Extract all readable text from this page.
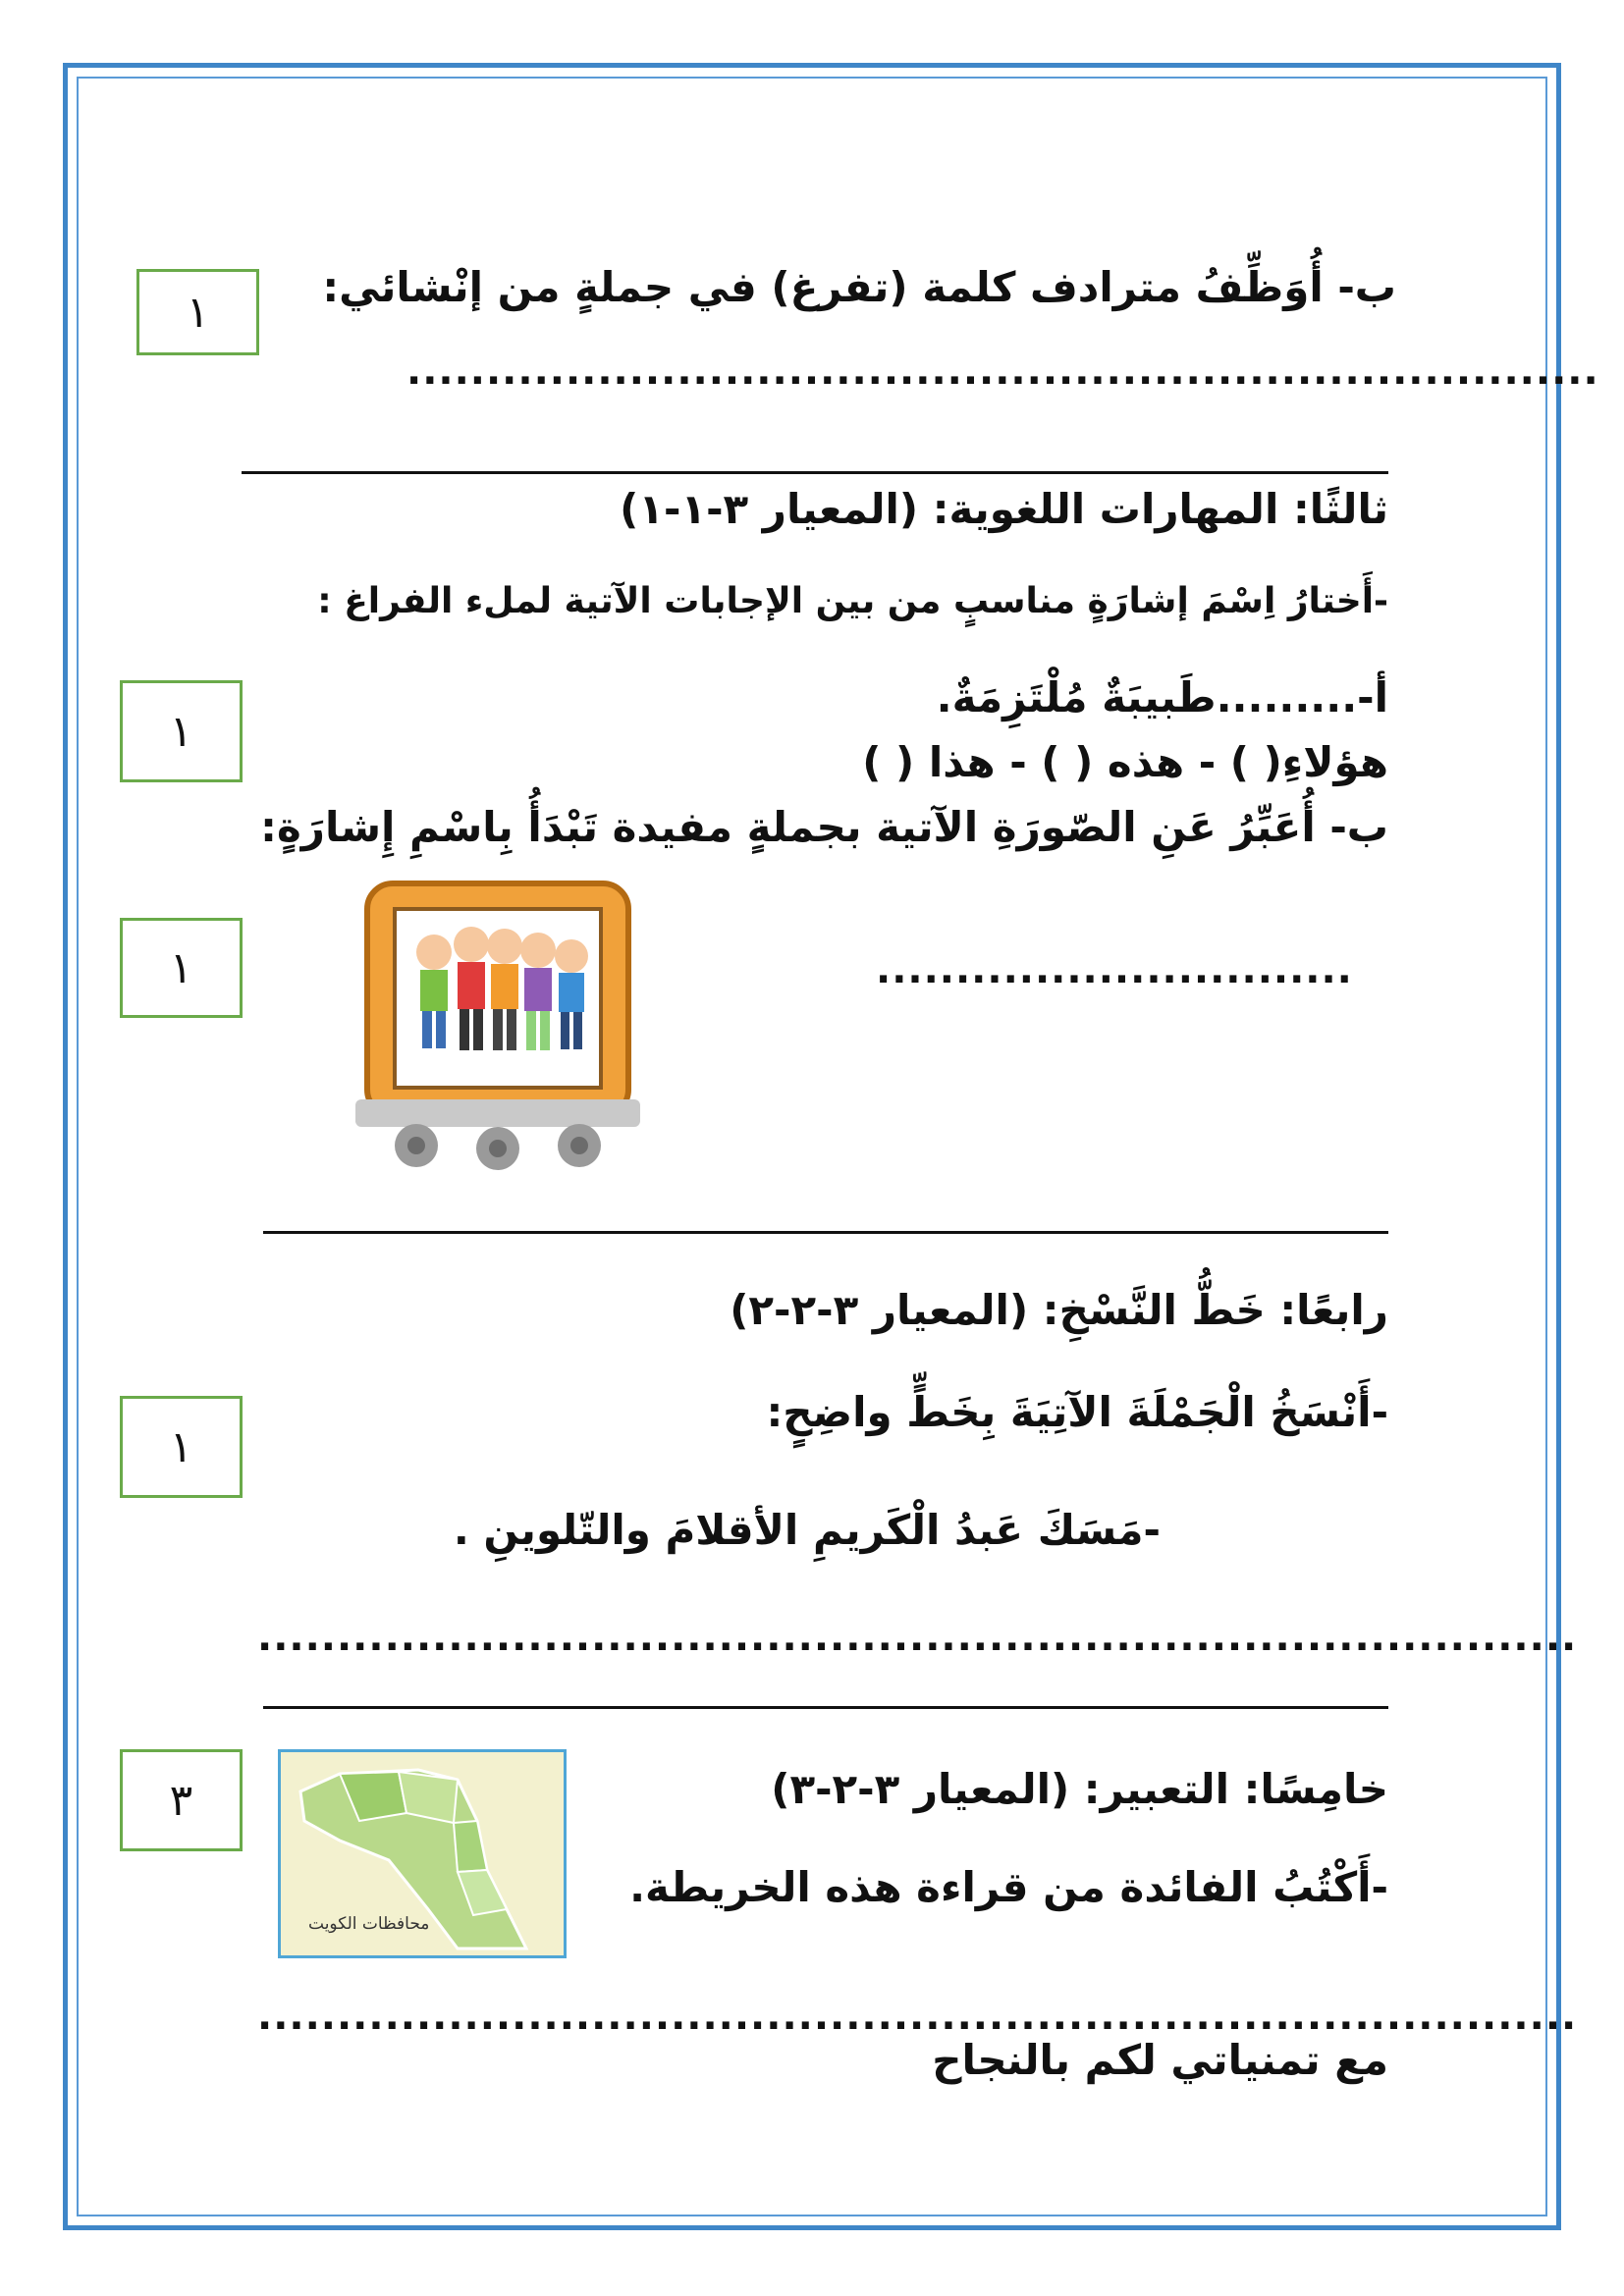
ب- أُوَظِّفُ مترادف كلمة (تفرغ) في جملةٍ من إنْشائي:
١
...........................................................................
ثالثًا: المهارات اللغوية: (المعيار ٣-١-١)
-أَختارُ اِسْمَ إشارَةٍ مناسبٍ من بين الإجابات الآتية لملء الفراغ :
أ-.........طَبيبَةٌ مُلْتَزِمَةٌ.
١
هؤلاءِ( ) - هذه ( ) - هذا ( )
ب- أُعَبِّرُ عَنِ الصّورَةِ الآتية بجملةٍ مفيدة تَبْدَأُ بِاسْمِ إِشارَةٍ:
١	..............................
رابعًا: خَطُّ النَّسْخِ: (المعيار ٣-٢-٢)
-أَنْسَخُ الْجَمْلَةَ الآتِيَةَ بِخَطٍّ واضِحٍ:
١
-مَسَكَ عَبدُ الْكَريمِ الأقلامَ والتّلوينِ .
...................................................................................
خامِسًا: التعبير: (المعيار ٣-٢-٣)
٣
-أَكْتُبُ الفائدة من قراءة هذه الخريطة.
محافظات الكويت
...................................................................................
مع تمنياتي لكم بالنجاح
